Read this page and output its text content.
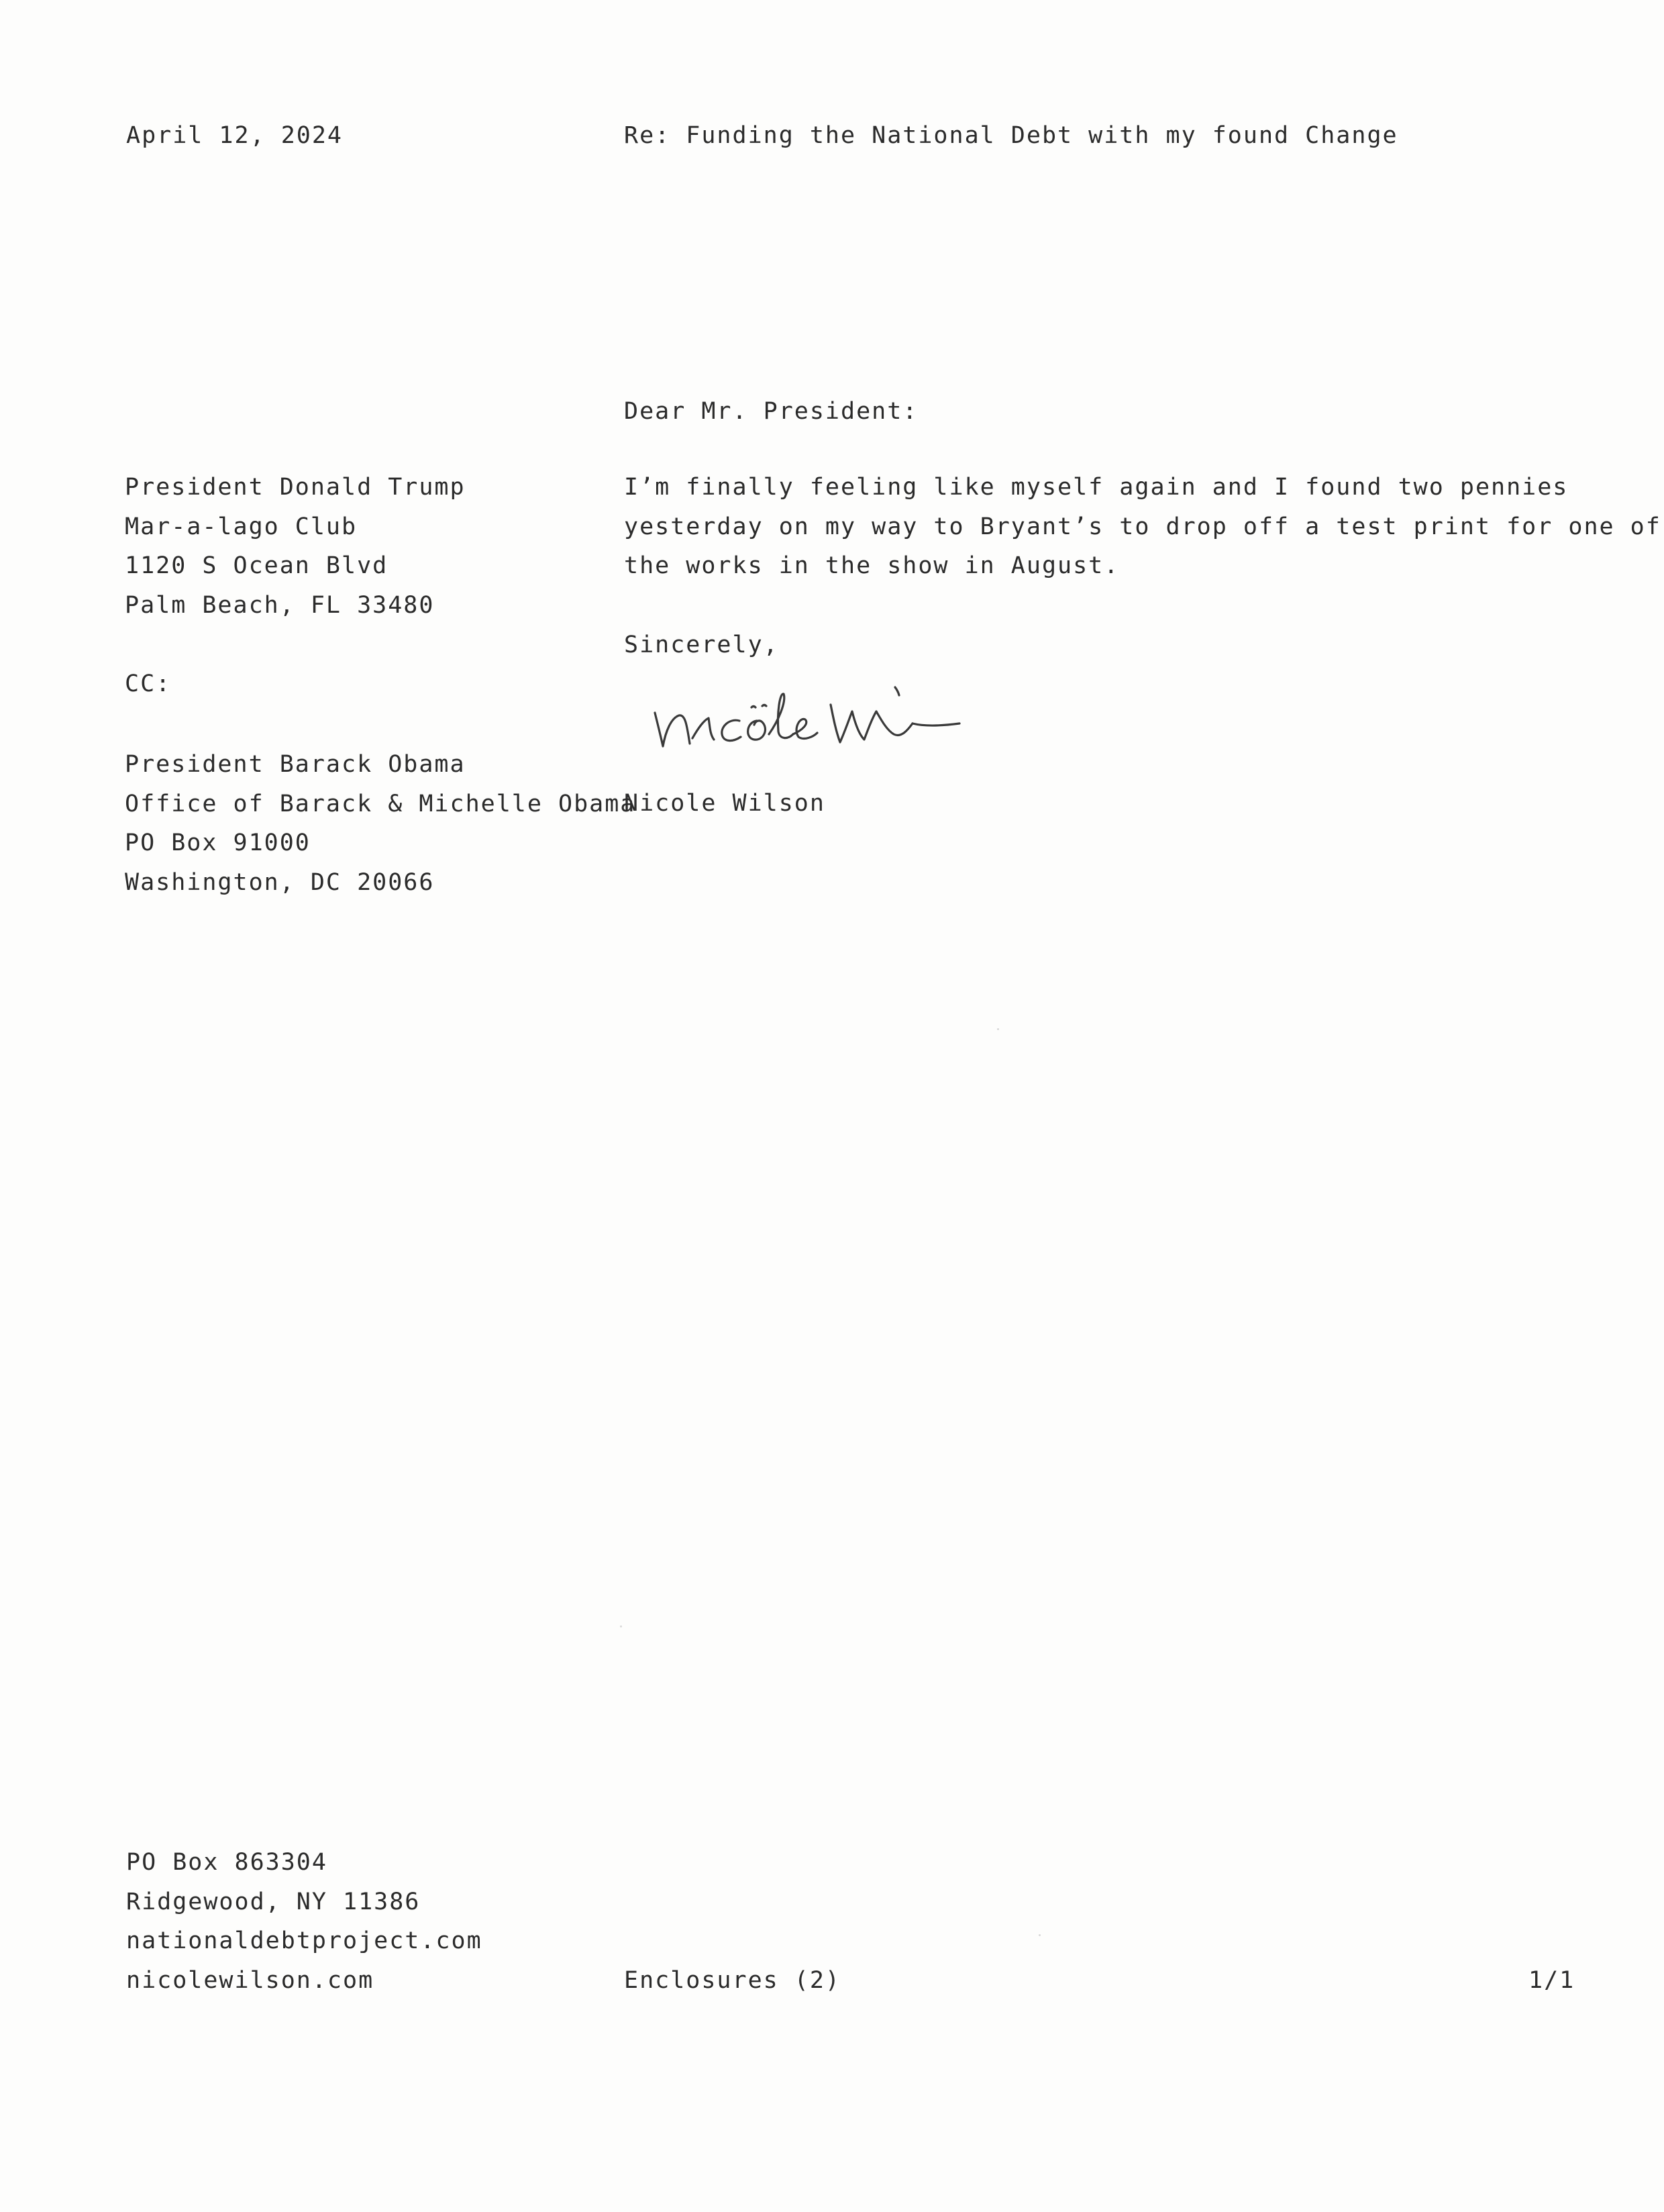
April 12, 2024	Re: Funding the National Debt with my found Change
Dear Mr. President:
President Donald Trump
Mar-a-lago Club
1120 S Ocean Blvd
Palm Beach, FL 33480
I’m finally feeling like myself again and I found two pennies
yesterday on my way to Bryant’s to drop off a test print for one of
the works in the show in August.
Sincerely,
CC:
President Barack Obama
Office of Barack & Michelle Obama
PO Box 91000
Washington, DC 20066
Nicole Wilson
PO Box 863304
Ridgewood, NY 11386
nationaldebtproject.com
nicolewilson.com	Enclosures (2)	1/1
